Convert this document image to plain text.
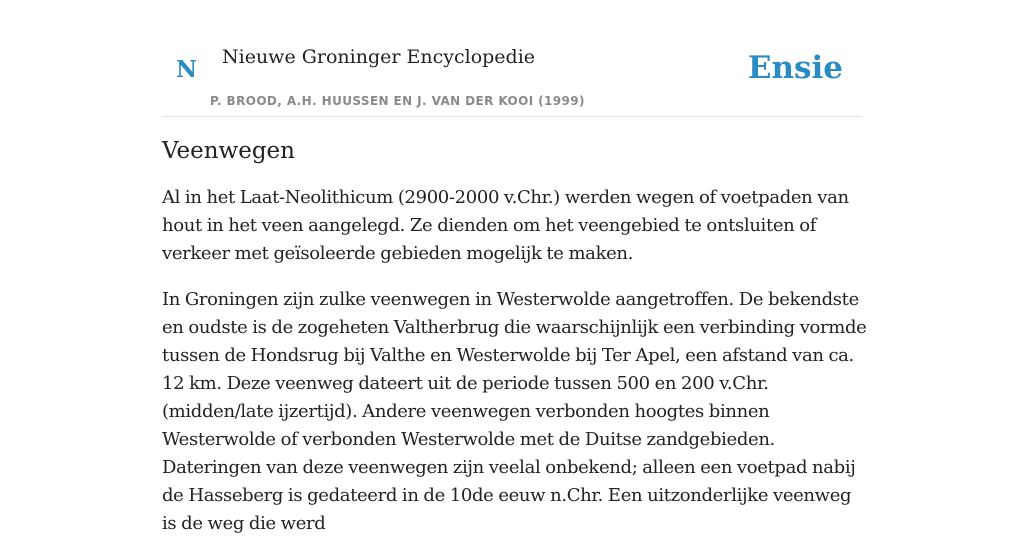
N Nieuwe Groninger Encyclopedie
P. BROOD, A.H. HUUSSEN EN J. VAN DER KOOI (1999)
Ensie
Veenwegen

Al in het Laat-Neolithicum (2900-2000 v.Chr.) werden wegen of voetpaden van hout in het veen aangelegd. Ze dienden om het veengebied te ontsluiten of verkeer met geïsoleerde gebieden mogelijk te maken.

In Groningen zijn zulke veenwegen in Westerwolde aangetroffen. De bekendste en oudste is de zogeheten Valtherbrug die waarschijnlijk een verbinding vormde tussen de Hondsrug bij Valthe en Westerwolde bij Ter Apel, een afstand van ca. 12 km. Deze veenweg dateert uit de periode tussen 500 en 200 v.Chr. (midden/late ijzertijd). Andere veenwegen verbonden hoogtes binnen Westerwolde of verbonden Westerwolde met de Duitse zandgebieden. Dateringen van deze veenwegen zijn veelal onbekend; alleen een voetpad nabij de Hasseberg is gedateerd in de 10de eeuw n.Chr. Een uitzonderlijke veenweg is de weg die werd
